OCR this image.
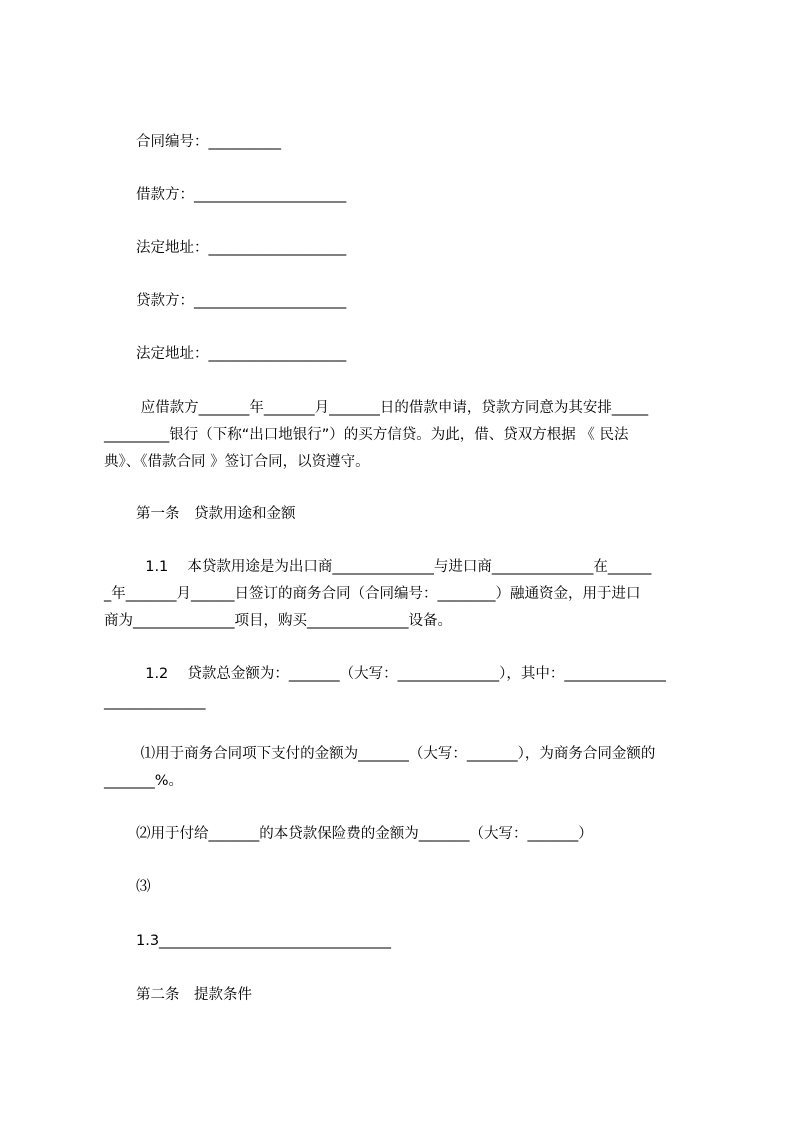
合同编号：__________
借款方：_____________________
法定地址：___________________
贷款方：_____________________
法定地址：___________________
应借款方_______年_______月_______日的借款申请，贷款方同意为其安排_____
_________银行（下称“出口地银行”）的买方信贷。为此，借、贷双方根据 《 民法
典》、《借款合同 》签订合同，以资遵守。
第一条　贷款用途和金额
1.1　 本贷款用途是为出口商______________与进口商______________在______
_年_______月______日签订的商务合同（合同编号：________）融通资金，用于进口
商为______________项目，购买______________设备。
1.2　 贷款总金额为：_______（大写：______________），其中：______________
______________
⑴用于商务合同项下支付的金额为_______（大写：_______），为商务合同金额的
_______%。
⑵用于付给_______的本贷款保险费的金额为_______（大写：_______）
⑶
1.3________________________________
第二条　提款条件
